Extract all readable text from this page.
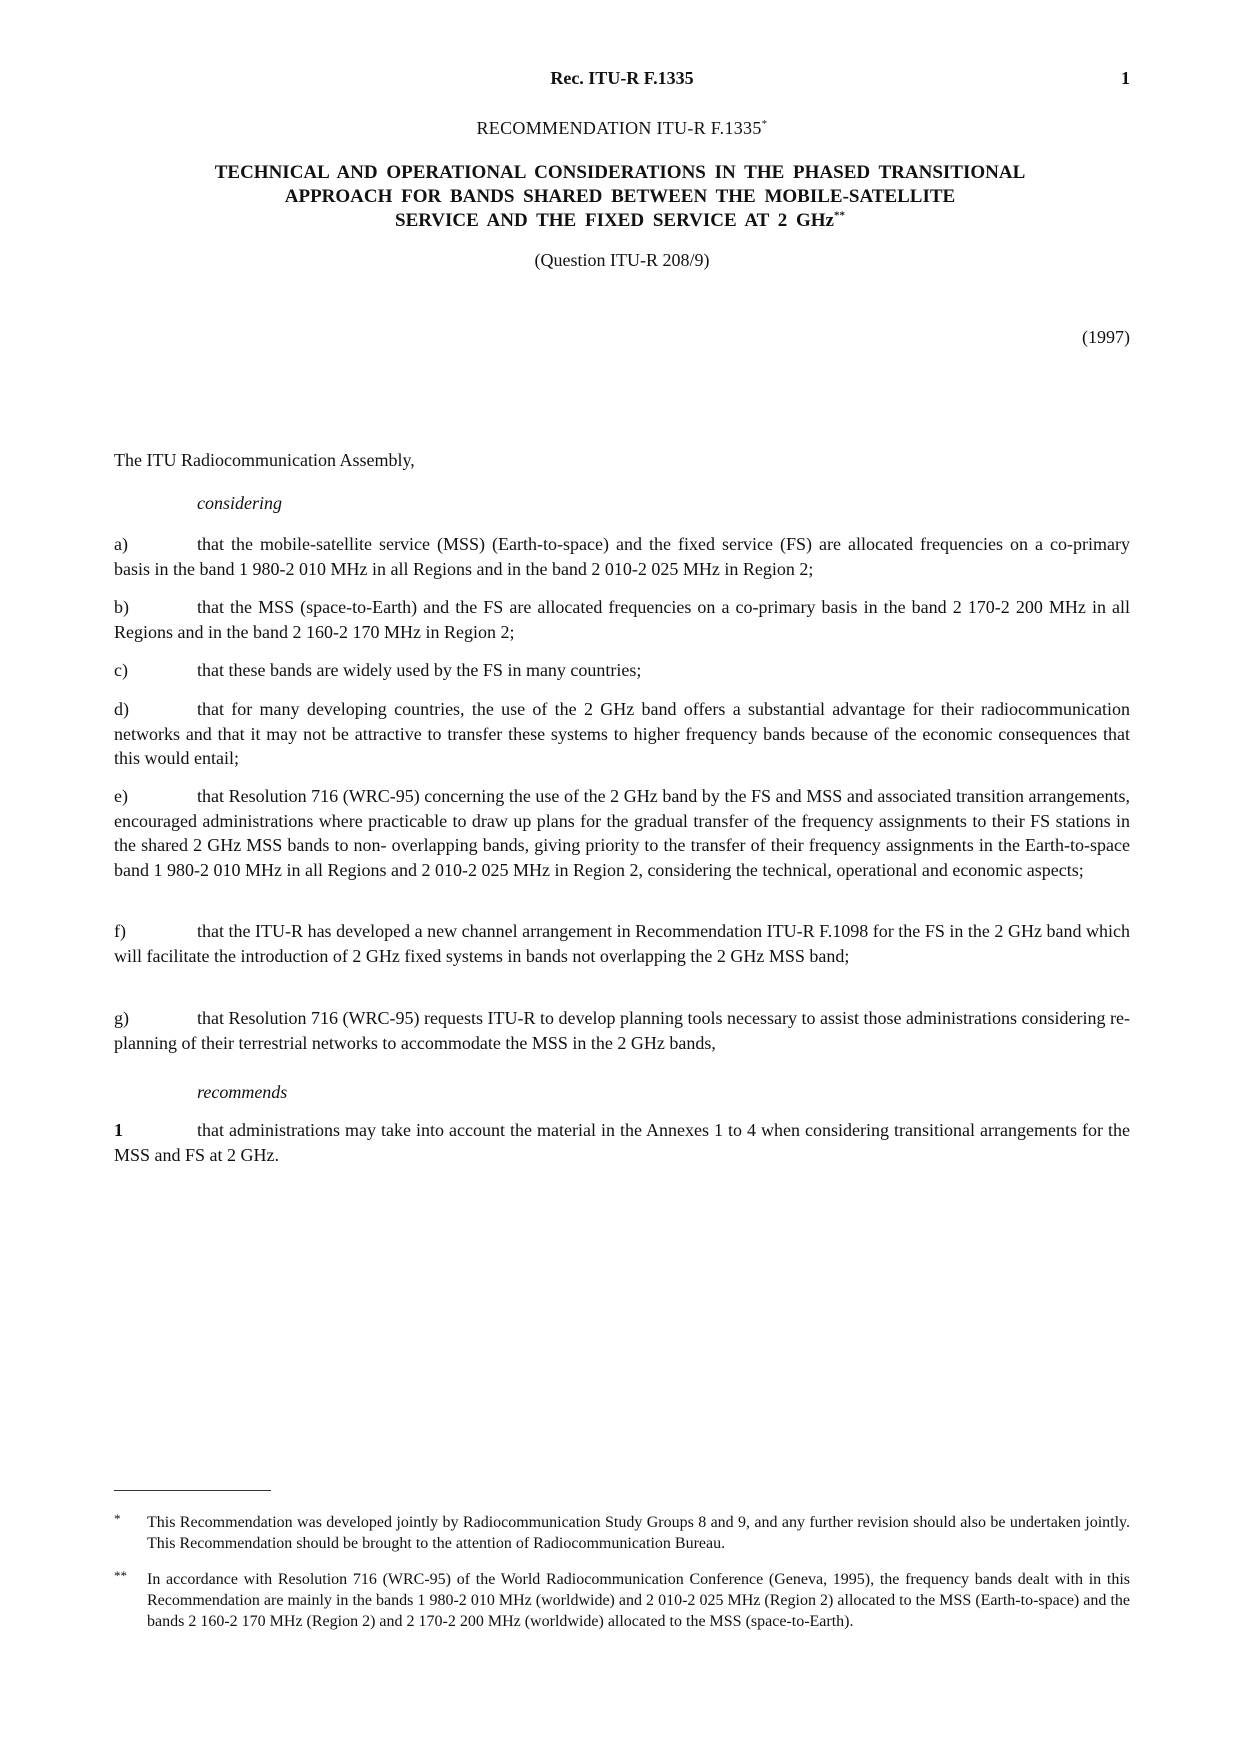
Rec. ITU-R F.1335	1
RECOMMENDATION ITU-R F.1335*
TECHNICAL AND OPERATIONAL CONSIDERATIONS IN THE PHASED TRANSITIONAL
APPROACH FOR BANDS SHARED BETWEEN THE MOBILE-SATELLITE
SERVICE AND THE FIXED SERVICE AT 2 GHz**
(Question ITU-R 208/9)
(1997)
The ITU Radiocommunication Assembly,
considering
a)	that the mobile-satellite service (MSS) (Earth-to-space) and the fixed service (FS) are allocated frequencies on a co-primary basis in the band 1 980-2 010 MHz in all Regions and in the band 2 010-2 025 MHz in Region 2;
b)	that the MSS (space-to-Earth) and the FS are allocated frequencies on a co-primary basis in the band 2 170-2 200 MHz in all Regions and in the band 2 160-2 170 MHz in Region 2;
c)	that these bands are widely used by the FS in many countries;
d)	that for many developing countries, the use of the 2 GHz band offers a substantial advantage for their radiocommunication networks and that it may not be attractive to transfer these systems to higher frequency bands because of the economic consequences that this would entail;
e)	that Resolution 716 (WRC-95) concerning the use of the 2 GHz band by the FS and MSS and associated transition arrangements, encouraged administrations where practicable to draw up plans for the gradual transfer of the frequency assignments to their FS stations in the shared 2 GHz MSS bands to non- overlapping bands, giving priority to the transfer of their frequency assignments in the Earth-to-space band 1 980-2 010 MHz in all Regions and 2 010-2 025 MHz in Region 2, considering the technical, operational and economic aspects;
f)	that the ITU-R has developed a new channel arrangement in Recommendation ITU-R F.1098 for the FS in the 2 GHz band which will facilitate the introduction of 2 GHz fixed systems in bands not overlapping the 2 GHz MSS band;
g)	that Resolution 716 (WRC-95) requests ITU-R to develop planning tools necessary to assist those administrations considering re-planning of their terrestrial networks to accommodate the MSS in the 2 GHz bands,
recommends
1	that administrations may take into account the material in the Annexes 1 to 4 when considering transitional arrangements for the MSS and FS at 2 GHz.
* This Recommendation was developed jointly by Radiocommunication Study Groups 8 and 9, and any further revision should also be undertaken jointly. This Recommendation should be brought to the attention of Radiocommunication Bureau.
** In accordance with Resolution 716 (WRC-95) of the World Radiocommunication Conference (Geneva, 1995), the frequency bands dealt with in this Recommendation are mainly in the bands 1 980-2 010 MHz (worldwide) and 2 010-2 025 MHz (Region 2) allocated to the MSS (Earth-to-space) and the bands 2 160-2 170 MHz (Region 2) and 2 170-2 200 MHz (worldwide) allocated to the MSS (space-to-Earth).
